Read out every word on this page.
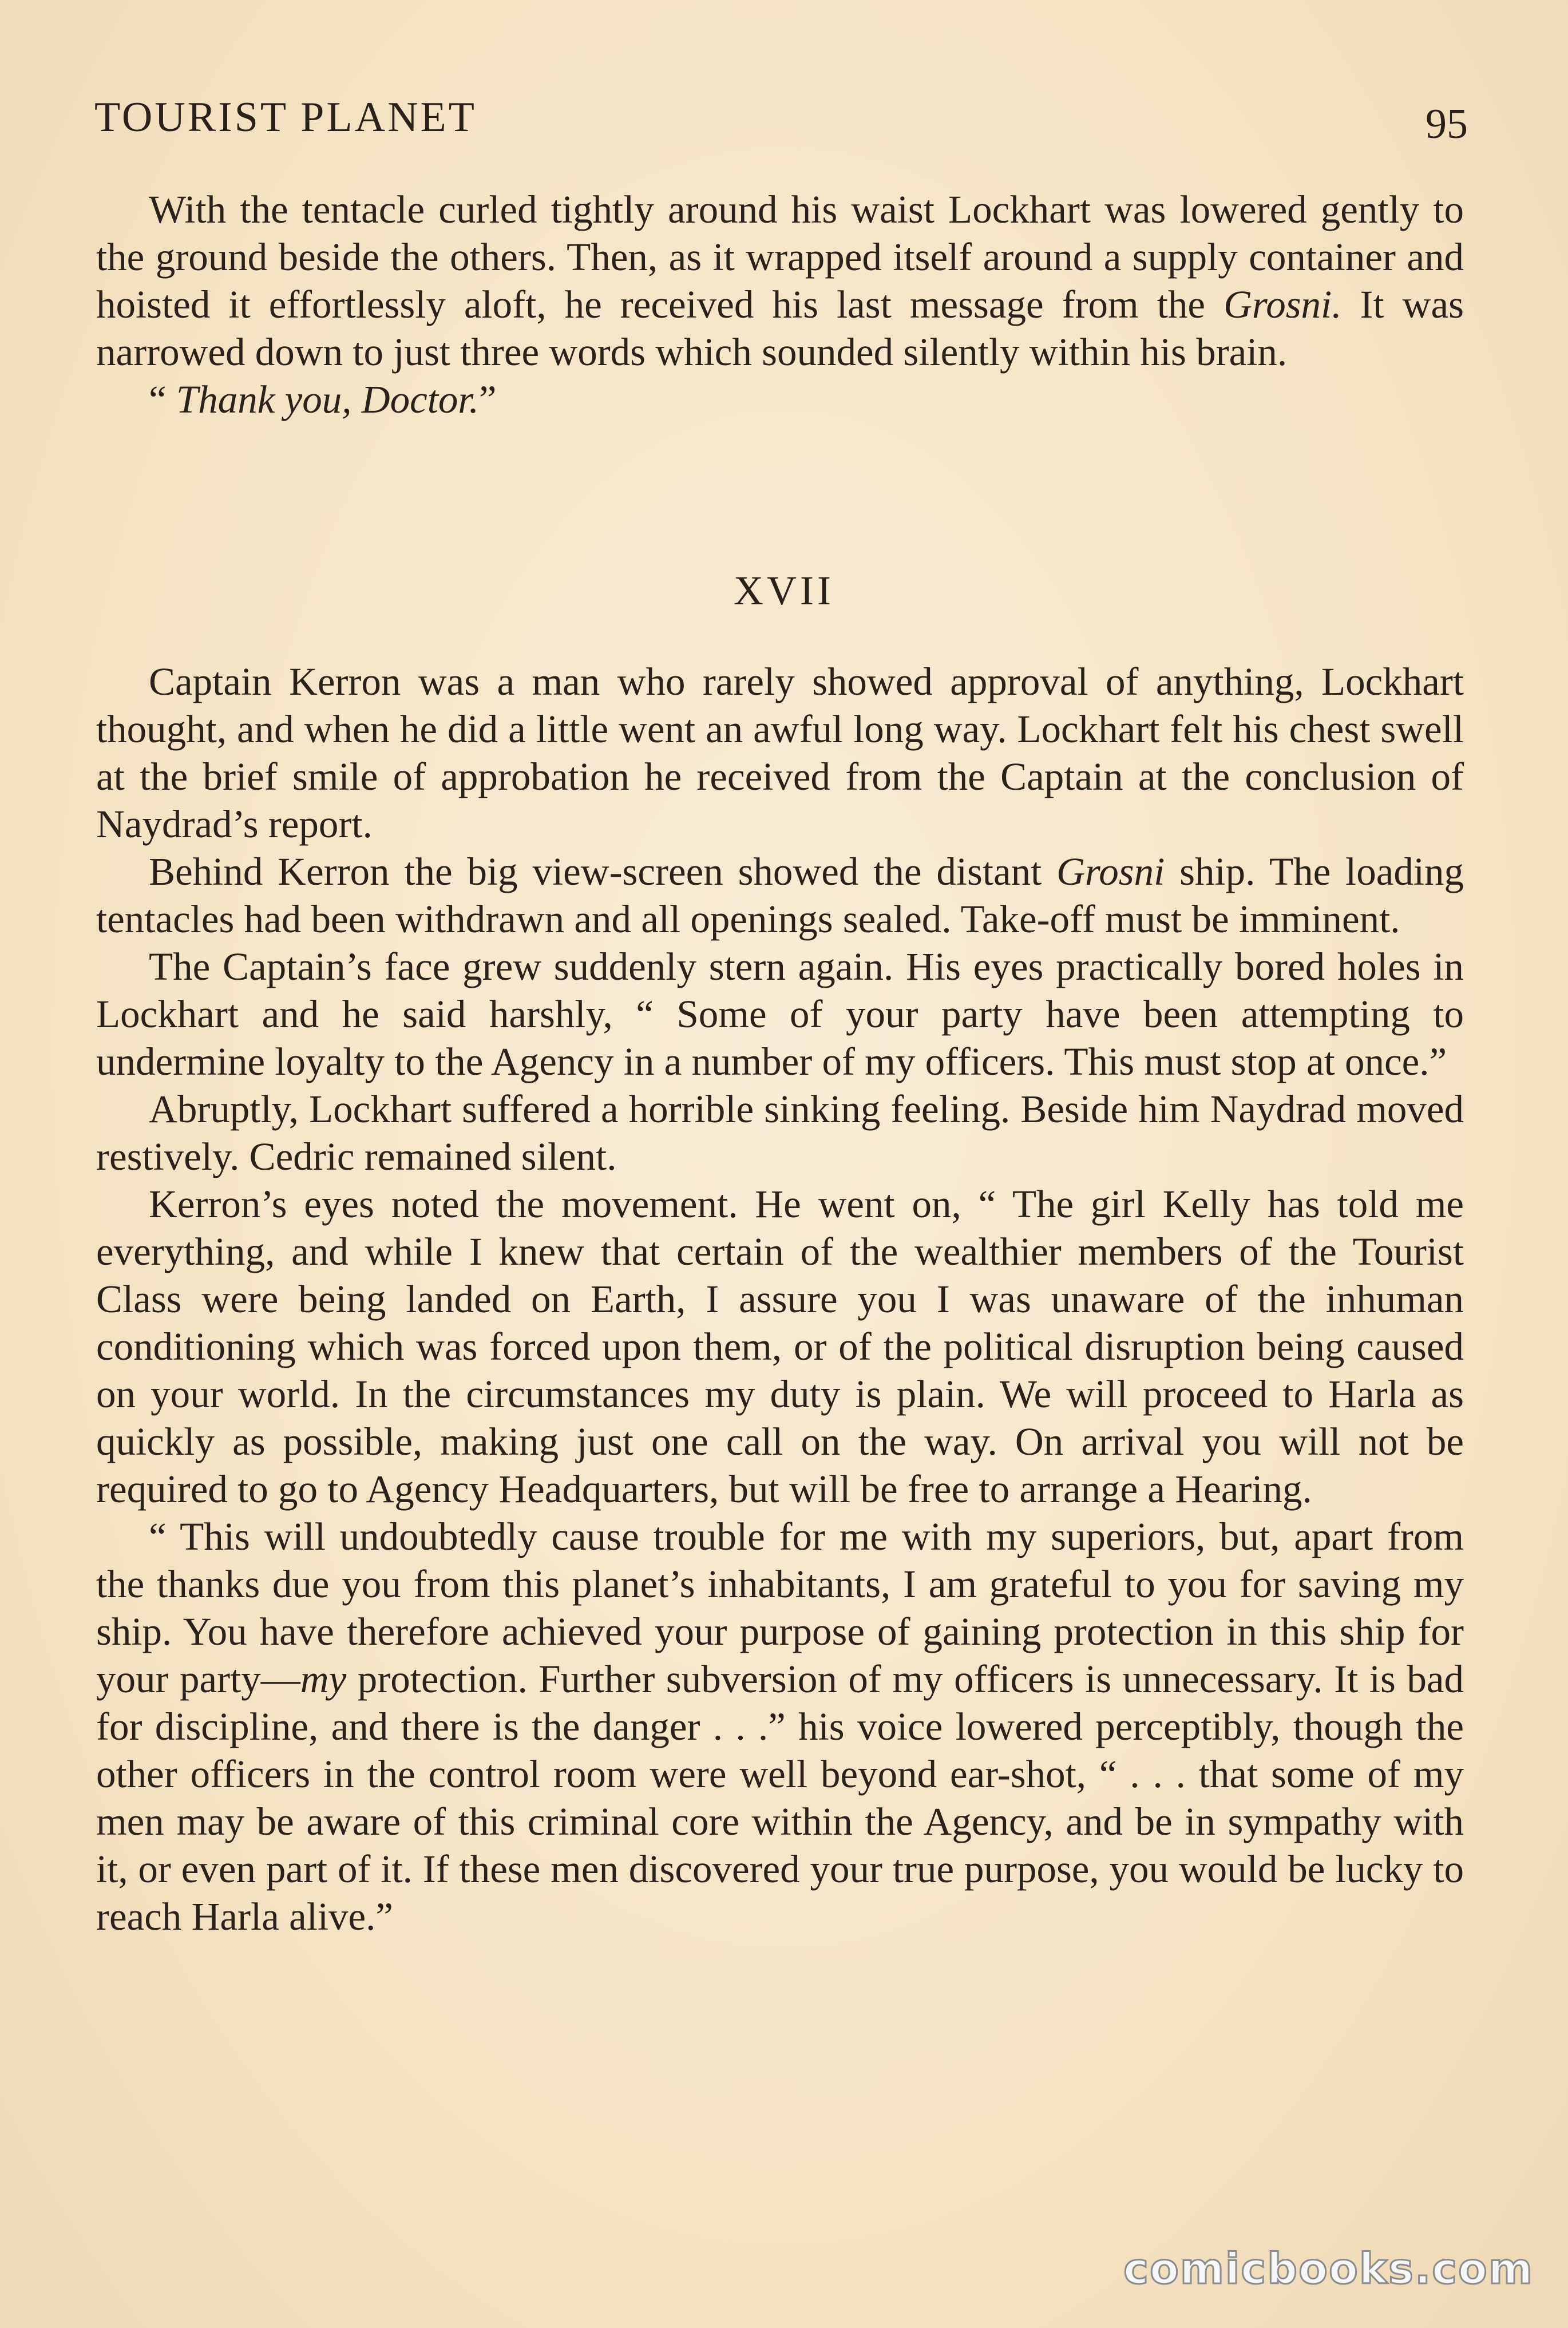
TOURIST PLANET	95

With the tentacle curled tightly around his waist Lockhart was lowered gently to the ground beside the others. Then, as it wrapped itself around a supply container and hoisted it effortlessly aloft, he received his last message from the Grosni. It was narrowed down to just three words which sounded silently within his brain.

“ Thank you, Doctor.”

XVII

Captain Kerron was a man who rarely showed approval of anything, Lockhart thought, and when he did a little went an awful long way. Lockhart felt his chest swell at the brief smile of approbation he received from the Captain at the conclusion of Naydrad’s report.

Behind Kerron the big view-screen showed the distant Grosni ship. The loading tentacles had been withdrawn and all openings sealed. Take-off must be imminent.

The Captain’s face grew suddenly stern again. His eyes practically bored holes in Lockhart and he said harshly, “ Some of your party have been attempting to undermine loyalty to the Agency in a number of my officers. This must stop at once.”

Abruptly, Lockhart suffered a horrible sinking feeling. Beside him Naydrad moved restively. Cedric remained silent.

Kerron’s eyes noted the movement. He went on, “ The girl Kelly has told me everything, and while I knew that certain of the wealthier members of the Tourist Class were being landed on Earth, I assure you I was unaware of the inhuman conditioning which was forced upon them, or of the political disruption being caused on your world. In the circumstances my duty is plain. We will proceed to Harla as quickly as possible, making just one call on the way. On arrival you will not be required to go to Agency Headquarters, but will be free to arrange a Hearing.

“ This will undoubtedly cause trouble for me with my superiors, but, apart from the thanks due you from this planet’s inhabitants, I am grateful to you for saving my ship. You have therefore achieved your purpose of gaining protection in this ship for your party—my protection. Further subversion of my officers is unnecessary. It is bad for discipline, and there is the danger . . .” his voice lowered perceptibly, though the other officers in the control room were well beyond ear-shot, “ . . . that some of my men may be aware of this criminal core within the Agency, and be in sympathy with it, or even part of it. If these men discovered your true purpose, you would be lucky to reach Harla alive.”

comicbooks.com
